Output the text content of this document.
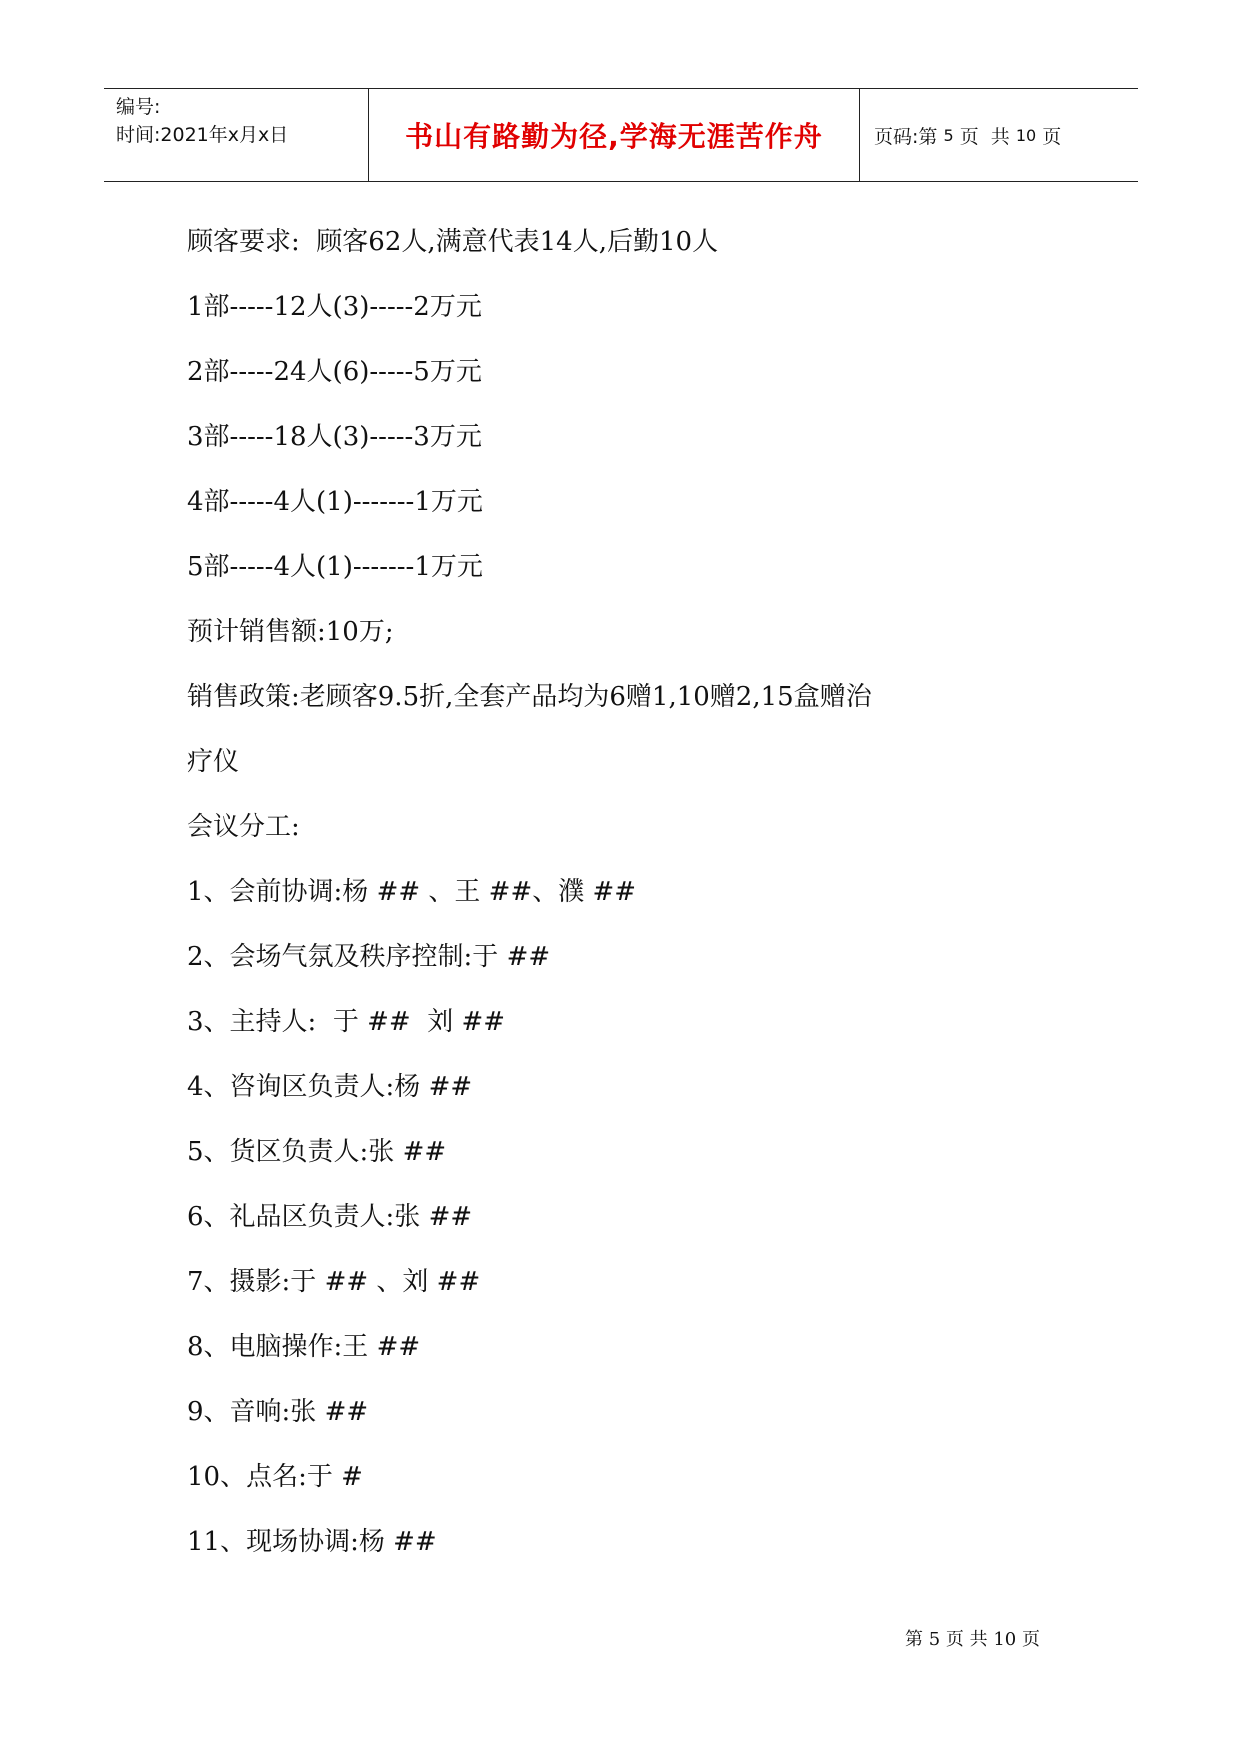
编号:
时间:2021年x月x日	书山有路勤为径,学海无涯苦作舟	页码:第
5
页
共
10
页
顾客要求:  顾客62人,满意代表14人,后勤10人
1部-----12人(3)-----2万元
2部-----24人(6)-----5万元
3部-----18人(3)-----3万元
4部-----4人(1)-------1万元
5部-----4人(1)-------1万元
预计销售额:10万;
销售政策:老顾客9.5折,全套产品均为6赠1,10赠2,15盒赠治
疗仪
会议分工:
1、会前协调:杨 ## 、王 ##、濮 ##
2、会场气氛及秩序控制:于 ##
3、主持人:  于 ##  刘 ##
4、咨询区负责人:杨 ##
5、货区负责人:张 ##
6、礼品区负责人:张 ##
7、摄影:于 ## 、刘 ##
8、电脑操作:王 ##
9、音响:张 ##
10、点名:于 #
11、现场协调:杨 ##
第 5 页 共 10 页
